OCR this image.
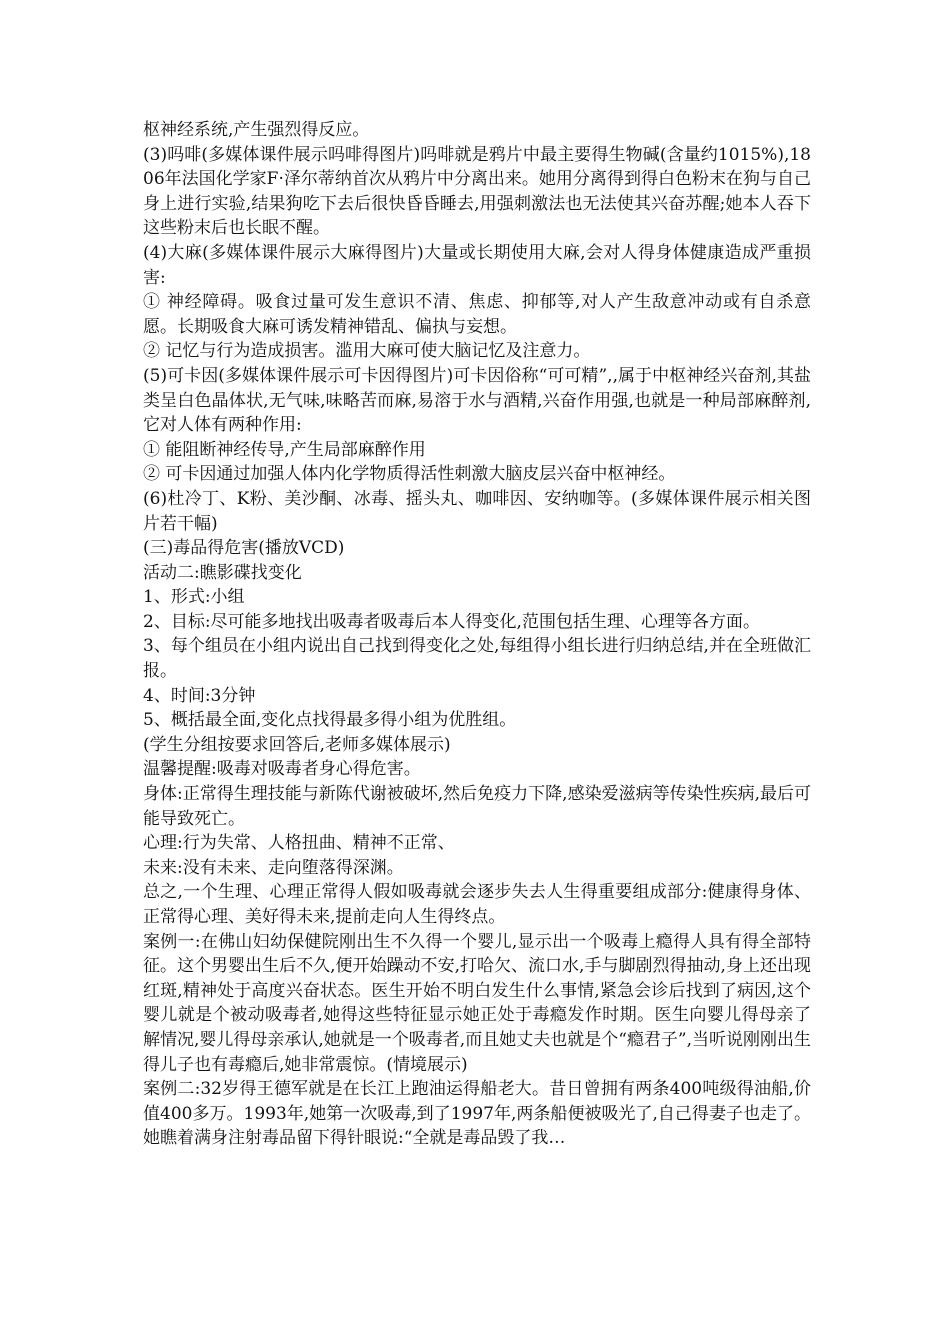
枢神经系统,产生强烈得反应。

(3)吗啡(多媒体课件展示吗啡得图片)吗啡就是鸦片中最主要得生物碱(含量约1015%),1806年法国化学家F·泽尔蒂纳首次从鸦片中分离出来。她用分离得到得白色粉末在狗与自己身上进行实验,结果狗吃下去后很快昏昏睡去,用强刺激法也无法使其兴奋苏醒;她本人吞下这些粉末后也长眠不醒。

(4)大麻(多媒体课件展示大麻得图片)大量或长期使用大麻,会对人得身体健康造成严重损害:

① 神经障碍。吸食过量可发生意识不清、焦虑、抑郁等,对人产生敌意冲动或有自杀意愿。长期吸食大麻可诱发精神错乱、偏执与妄想。

② 记忆与行为造成损害。滥用大麻可使大脑记忆及注意力。

(5)可卡因(多媒体课件展示可卡因得图片)可卡因俗称“可可精”,,属于中枢神经兴奋剂,其盐类呈白色晶体状,无气味,味略苦而麻,易溶于水与酒精,兴奋作用强,也就是一种局部麻醉剂,它对人体有两种作用:

① 能阻断神经传导,产生局部麻醉作用

② 可卡因通过加强人体内化学物质得活性刺激大脑皮层兴奋中枢神经。

(6)杜冷丁、K粉、美沙酮、冰毒、摇头丸、咖啡因、安纳咖等。(多媒体课件展示相关图片若干幅)

(三)毒品得危害(播放VCD)

活动二:瞧影碟找变化

1、形式:小组

2、目标:尽可能多地找出吸毒者吸毒后本人得变化,范围包括生理、心理等各方面。

3、每个组员在小组内说出自己找到得变化之处,每组得小组长进行归纳总结,并在全班做汇报。

4、时间:3分钟

5、概括最全面,变化点找得最多得小组为优胜组。

(学生分组按要求回答后,老师多媒体展示)

温馨提醒:吸毒对吸毒者身心得危害。

身体:正常得生理技能与新陈代谢被破坏,然后免疫力下降,感染爱滋病等传染性疾病,最后可能导致死亡。

心理:行为失常、人格扭曲、精神不正常、

未来:没有未来、走向堕落得深渊。

总之,一个生理、心理正常得人假如吸毒就会逐步失去人生得重要组成部分:健康得身体、正常得心理、美好得未来,提前走向人生得终点。

案例一:在佛山妇幼保健院刚出生不久得一个婴儿,显示出一个吸毒上瘾得人具有得全部特征。这个男婴出生后不久,便开始躁动不安,打哈欠、流口水,手与脚剧烈得抽动,身上还出现红斑,精神处于高度兴奋状态。医生开始不明白发生什么事情,紧急会诊后找到了病因,这个婴儿就是个被动吸毒者,她得这些特征显示她正处于毒瘾发作时期。医生向婴儿得母亲了解情况,婴儿得母亲承认,她就是一个吸毒者,而且她丈夫也就是个“瘾君子”,当听说刚刚出生得儿子也有毒瘾后,她非常震惊。(情境展示)

案例二:32岁得王德军就是在长江上跑油运得船老大。昔日曾拥有两条400吨级得油船,价值400多万。1993年,她第一次吸毒,到了1997年,两条船便被吸光了,自己得妻子也走了。她瞧着满身注射毒品留下得针眼说:“全就是毒品毁了我…
